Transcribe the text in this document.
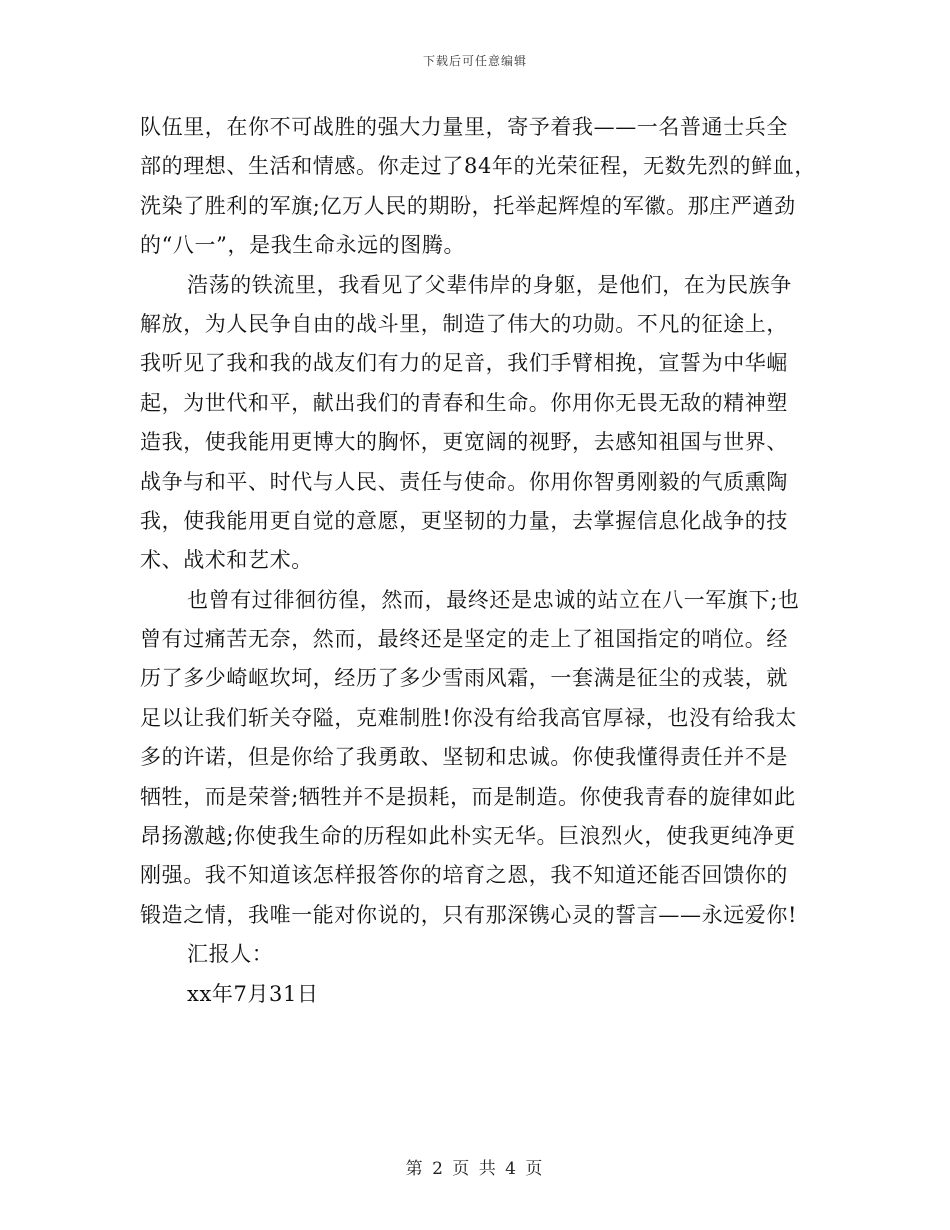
下载后可任意编辑
队伍里，在你不可战胜的强大力量里，寄予着我——一名普通士兵全
部的理想、生活和情感。你走过了84年的光荣征程，无数先烈的鲜血，
洗染了胜利的军旗;亿万人民的期盼，托举起辉煌的军徽。那庄严遒劲
的“八一”，是我生命永远的图腾。
浩荡的铁流里，我看见了父辈伟岸的身躯，是他们，在为民族争
解放，为人民争自由的战斗里，制造了伟大的功勋。不凡的征途上，
我听见了我和我的战友们有力的足音，我们手臂相挽，宣誓为中华崛
起，为世代和平，献出我们的青春和生命。你用你无畏无敌的精神塑
造我，使我能用更博大的胸怀，更宽阔的视野，去感知祖国与世界、
战争与和平、时代与人民、责任与使命。你用你智勇刚毅的气质熏陶
我，使我能用更自觉的意愿，更坚韧的力量，去掌握信息化战争的技
术、战术和艺术。
也曾有过徘徊彷徨，然而，最终还是忠诚的站立在八一军旗下;也
曾有过痛苦无奈，然而，最终还是坚定的走上了祖国指定的哨位。经
历了多少崎岖坎坷，经历了多少雪雨风霜，一套满是征尘的戎装，就
足以让我们斩关夺隘，克难制胜!你没有给我高官厚禄，也没有给我太
多的许诺，但是你给了我勇敢、坚韧和忠诚。你使我懂得责任并不是
牺牲，而是荣誉;牺牲并不是损耗，而是制造。你使我青春的旋律如此
昂扬激越;你使我生命的历程如此朴实无华。巨浪烈火，使我更纯净更
刚强。我不知道该怎样报答你的培育之恩，我不知道还能否回馈你的
锻造之情，我唯一能对你说的，只有那深镌心灵的誓言——永远爱你!
汇报人：
xx年7月31日
第 2 页 共 4 页
